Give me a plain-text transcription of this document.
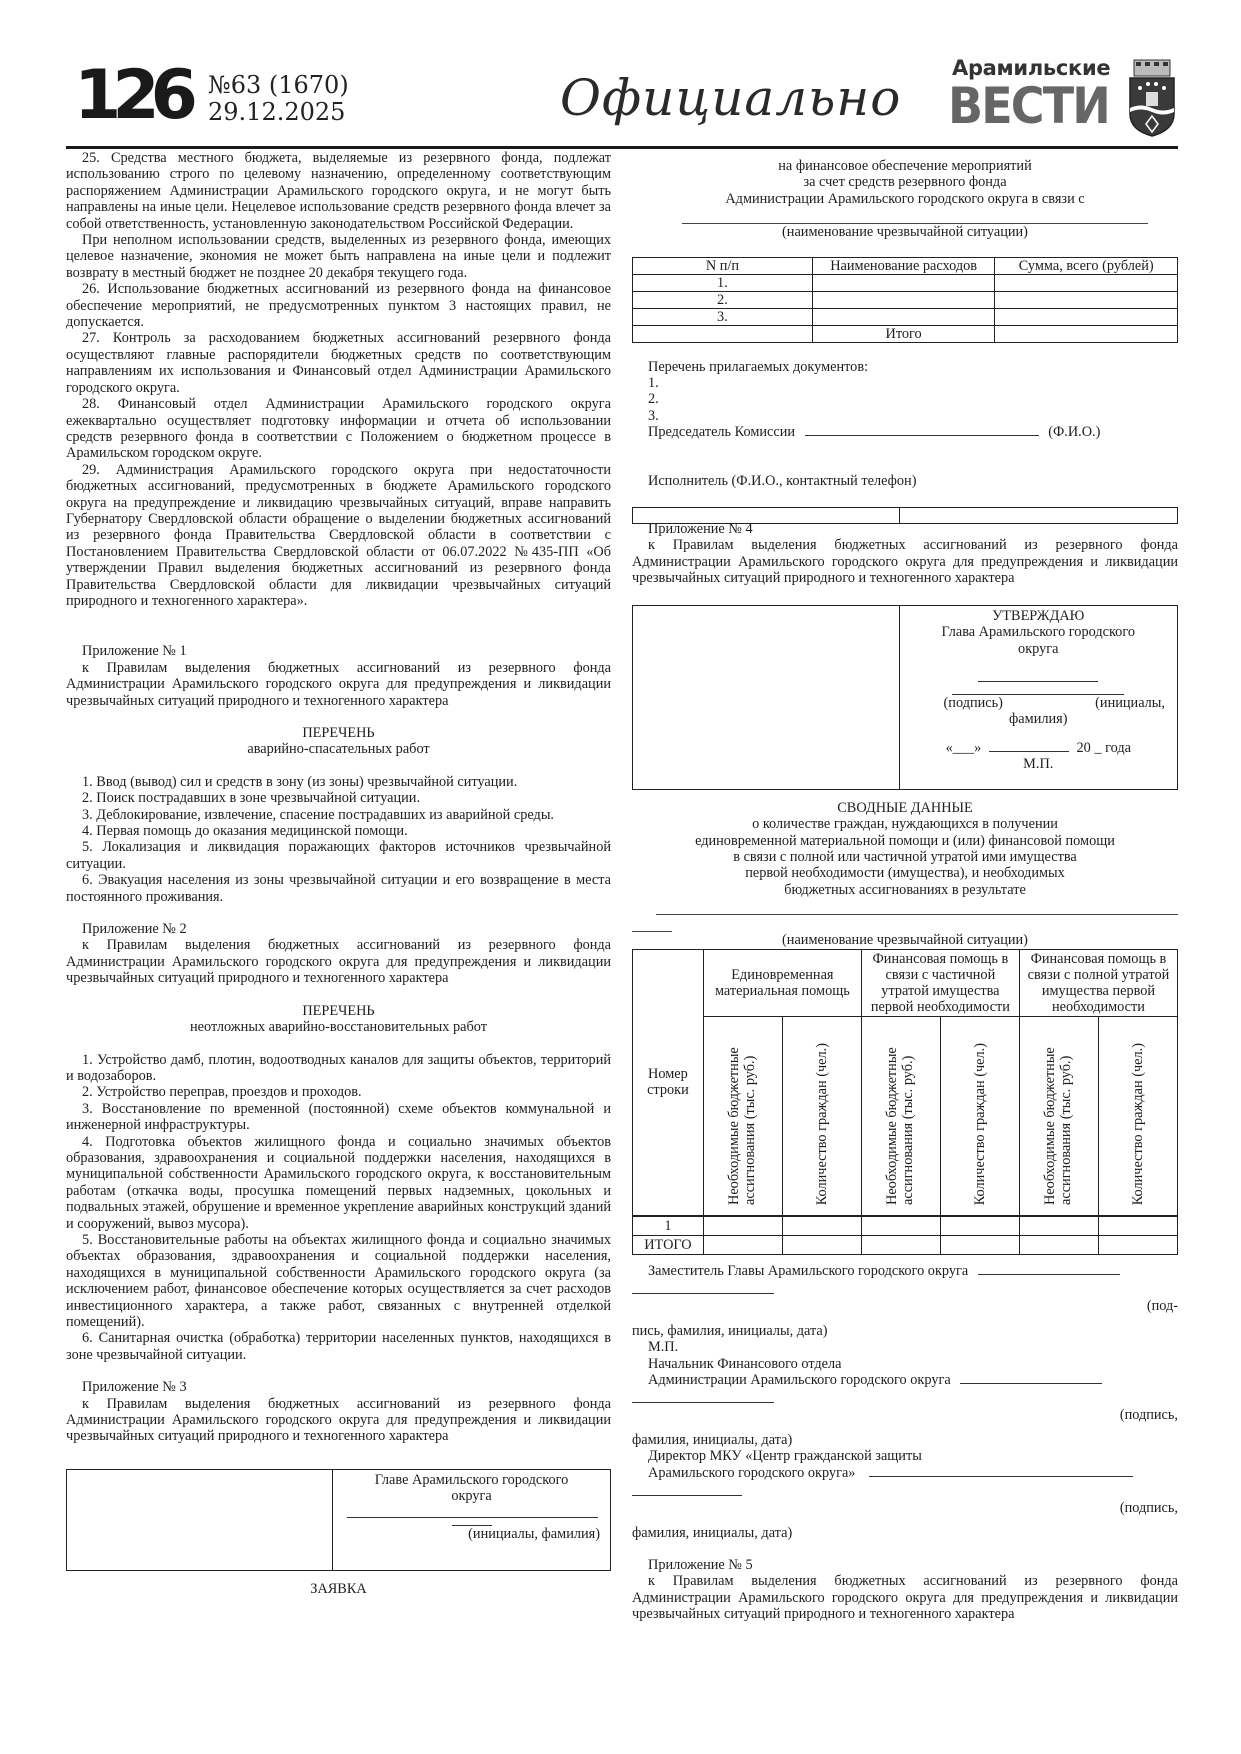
126 №63 (1670)
29.12.2025	Официально
Арамильские
ВЕСТИ

25. Средства местного бюджета, выделяемые из резервного фонда, подлежат использованию строго по целевому назначению, определенному соответствующим распоряжением Администрации Арамильского городского округа, и не могут быть направлены на иные цели. Нецелевое использование средств резервного фонда влечет за собой ответственность, установленную законодательством Российской Федерации.

При неполном использовании средств, выделенных из резервного фонда, имеющих целевое назначение, экономия не может быть направлена на иные цели и подлежит возврату в местный бюджет не позднее 20 декабря текущего года.

26. Использование бюджетных ассигнований из резервного фонда на финансовое обеспечение мероприятий, не предусмотренных пунктом 3 настоящих правил, не допускается.

27. Контроль за расходованием бюджетных ассигнований резервного фонда осуществляют главные распорядители бюджетных средств по соответствующим направлениям их использования и Финансовый отдел Администрации Арамильского городского округа.

28. Финансовый отдел Администрации Арамильского городского округа ежеквартально осуществляет подготовку информации и отчета об использовании средств резервного фонда в соответствии с Положением о бюджетном процессе в Арамильском городском округе.

29. Администрация Арамильского городского округа при недостаточности бюджетных ассигнований, предусмотренных в бюджете Арамильского городского округа на предупреждение и ликвидацию чрезвычайных ситуаций, вправе направить Губернатору Свердловской области обращение о выделении бюджетных ассигнований из резервного фонда Правительства Свердловской области в соответствии с Постановлением Правительства Свердловской области от 06.07.2022 №435-ПП «Об утверждении Правил выделения бюджетных ассигнований из резервного фонда Правительства Свердловской области для ликвидации чрезвычайных ситуаций природного и техногенного характера».

Приложение № 1

к Правилам выделения бюджетных ассигнований из резервного фонда Администрации Арамильского городского округа для предупреждения и ликвидации чрезвычайных ситуаций природного и техногенного характера

ПЕРЕЧЕНЬ

аварийно-спасательных работ

1. Ввод (вывод) сил и средств в зону (из зоны) чрезвычайной ситуации.

2. Поиск пострадавших в зоне чрезвычайной ситуации.

3. Деблокирование, извлечение, спасение пострадавших из аварийной среды.

4. Первая помощь до оказания медицинской помощи.

5. Локализация и ликвидация поражающих факторов источников чрезвычайной ситуации.

6. Эвакуация населения из зоны чрезвычайной ситуации и его возвращение в места постоянного проживания.

Приложение № 2

к Правилам выделения бюджетных ассигнований из резервного фонда Администрации Арамильского городского округа для предупреждения и ликвидации чрезвычайных ситуаций природного и техногенного характера

ПЕРЕЧЕНЬ

неотложных аварийно-восстановительных работ

1. Устройство дамб, плотин, водоотводных каналов для защиты объектов, территорий и водозаборов.

2. Устройство переправ, проездов и проходов.

3. Восстановление по временной (постоянной) схеме объектов коммунальной и инженерной инфраструктуры.

4. Подготовка объектов жилищного фонда и социально значимых объектов образования, здравоохранения и социальной поддержки населения, находящихся в муниципальной собственности Арамильского городского округа, к восстановительным работам (откачка воды, просушка помещений первых надземных, цокольных и подвальных этажей, обрушение и временное укрепление аварийных конструкций зданий и сооружений, вывоз мусора).

5. Восстановительные работы на объектах жилищного фонда и социально значимых объектах образования, здравоохранения и социальной поддержки населения, находящихся в муниципальной собственности Арамильского городского округа (за исключением работ, финансовое обеспечение которых осуществляется за счет расходов инвестиционного характера, а также работ, связанных с внутренней отделкой помещений).

6. Санитарная очистка (обработка) территории населенных пунктов, находящихся в зоне чрезвычайной ситуации.

Приложение № 3

к Правилам выделения бюджетных ассигнований из резервного фонда Администрации Арамильского городского округа для предупреждения и ликвидации чрезвычайных ситуаций природного и техногенного характера

Главе Арамильского городского
округа
(инициалы, фамилия)

ЗАЯВКА

на финансовое обеспечение мероприятий

за счет средств резервного фонда

Администрации Арамильского городского округа в связи с

(наименование чрезвычайной ситуации)

N п/п	Наименование расходов	Сумма, всего (рублей)
1.		
2.		
3.		
	Итого	

Перечень прилагаемых документов:

1.

2.

3.

Председатель Комиссии	(Ф.И.О.)

Исполнитель (Ф.И.О., контактный телефон)

Приложение № 4

к Правилам выделения бюджетных ассигнований из резервного фонда Администрации Арамильского городского округа для предупреждения и ликвидации чрезвычайных ситуаций природного и техногенного характера

УТВЕРЖДАЮ
Глава Арамильского городского
округа
(подпись)	(инициалы,
фамилия)
«___»	20 _ года
М.П.

СВОДНЫЕ ДАННЫЕ

о количестве граждан, нуждающихся в получении

единовременной материальной помощи и (или) финансовой помощи

в связи с полной или частичной утратой ими имущества

первой необходимости (имущества), и необходимых

бюджетных ассигнованиях в результате

(наименование чрезвычайной ситуации)

Номер строки	Единовременная материальная помощь		Финансовая помощь в связи с частичной утратой имущества первой необходимости		Финансовая помощь в связи с полной утратой имущества первой необходимости	
	Необходимые бюджетные ассигнования (тыс. руб.)	Количество граждан (чел.)	Необходимые бюджетные ассигнования (тыс. руб.)	Количество граждан (чел.)	Необходимые бюджетные ассигнования (тыс. руб.)	Количество граждан (чел.)
1						
ИТОГО						

Заместитель Главы Арамильского городского округа

(под-

пись, фамилия, инициалы, дата)

М.П.

Начальник Финансового отдела

Администрации Арамильского городского округа

(подпись,

фамилия, инициалы, дата)

Директор МКУ «Центр гражданской защиты

Арамильского городского округа»

(подпись,

фамилия, инициалы, дата)

Приложение № 5

к Правилам выделения бюджетных ассигнований из резервного фонда Администрации Арамильского городского округа для предупреждения и ликвидации чрезвычайных ситуаций природного и техногенного характера
